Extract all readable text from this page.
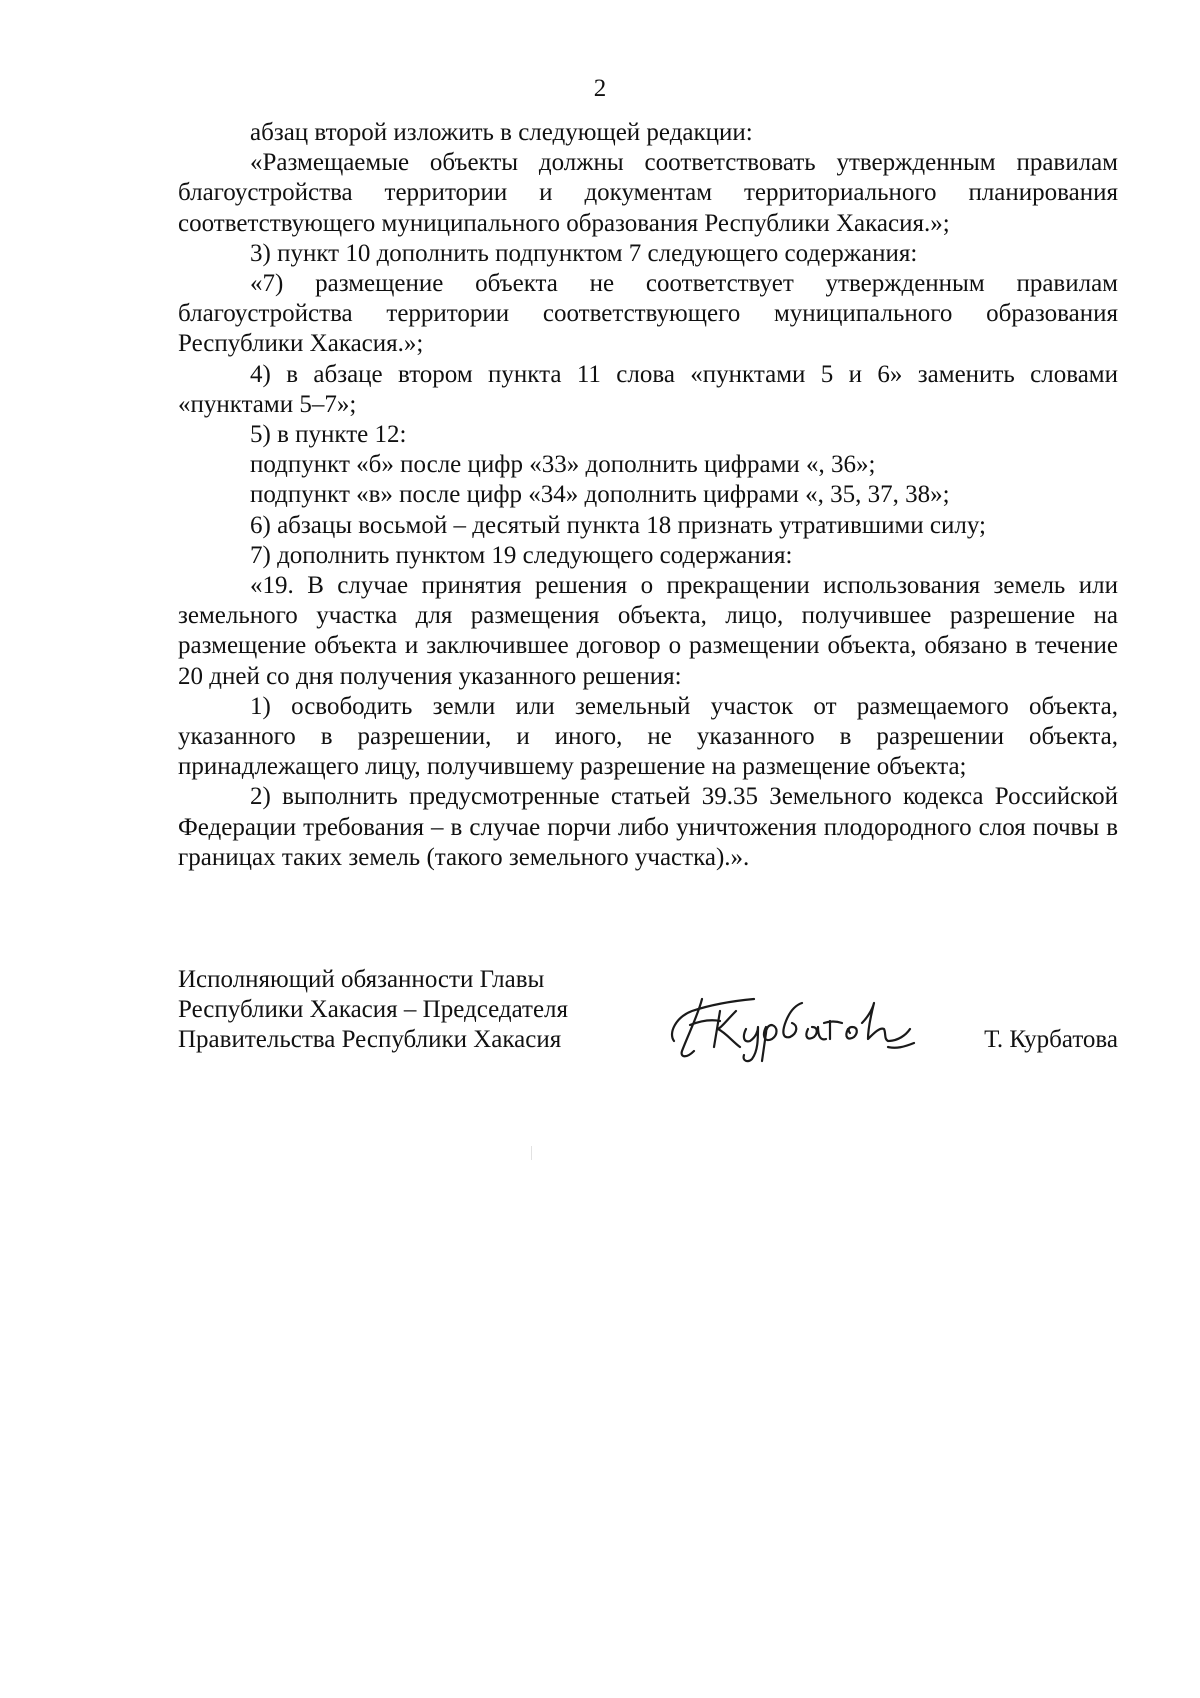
2

абзац второй изложить в следующей редакции:

«Размещаемые объекты должны соответствовать утвержденным правилам благоустройства территории и документам территориального планирования соответствующего муниципального образования Республики Хакасия.»;

3) пункт 10 дополнить подпунктом 7 следующего содержания:

«7) размещение объекта не соответствует утвержденным правилам благоустройства территории соответствующего муниципального образования Республики Хакасия.»;

4) в абзаце втором пункта 11 слова «пунктами 5 и 6» заменить словами «пунктами 5–7»;

5) в пункте 12:

подпункт «б» после цифр «33» дополнить цифрами «, 36»;

подпункт «в» после цифр «34» дополнить цифрами «, 35, 37, 38»;

6) абзацы восьмой – десятый пункта 18 признать утратившими силу;

7) дополнить пунктом 19 следующего содержания:

«19. В случае принятия решения о прекращении использования земель или земельного участка для размещения объекта, лицо, получившее разрешение на размещение объекта и заключившее договор о размещении объекта, обязано в течение 20 дней со дня получения указанного решения:

1) освободить земли или земельный участок от размещаемого объекта, указанного в разрешении, и иного, не указанного в разрешении объекта, принадлежащего лицу, получившему разрешение на размещение объекта;

2) выполнить предусмотренные статьей 39.35 Земельного кодекса Российской Федерации требования – в случае порчи либо уничтожения плодородного слоя почвы в границах таких земель (такого земельного участка).».

Исполняющий обязанности Главы
Республики Хакасия – Председателя
Правительства Республики Хакасия	Т. Курбатова
